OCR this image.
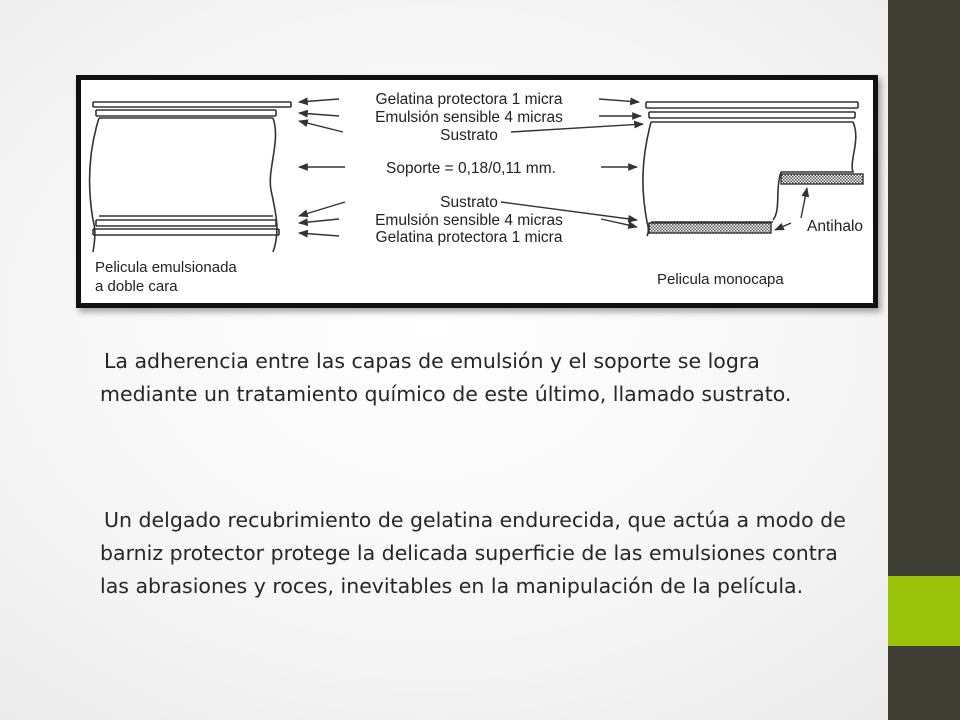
Gelatina protectora 1 micra
Emulsión sensible 4 micras
Sustrato
Soporte = 0,18/0,11 mm.
Sustrato
Emulsión sensible 4 micras
Gelatina protectora 1 micra
Antihalo
Pelicula emulsionada
a doble cara	Pelicula monocapa

La adherencia entre las capas de emulsión y el soporte se logra mediante un tratamiento químico de este último, llamado sustrato.

Un delgado recubrimiento de gelatina endurecida, que actúa a modo de barniz protector protege la delicada superficie de las emulsiones contra las abrasiones y roces, inevitables en la manipulación de la película.
